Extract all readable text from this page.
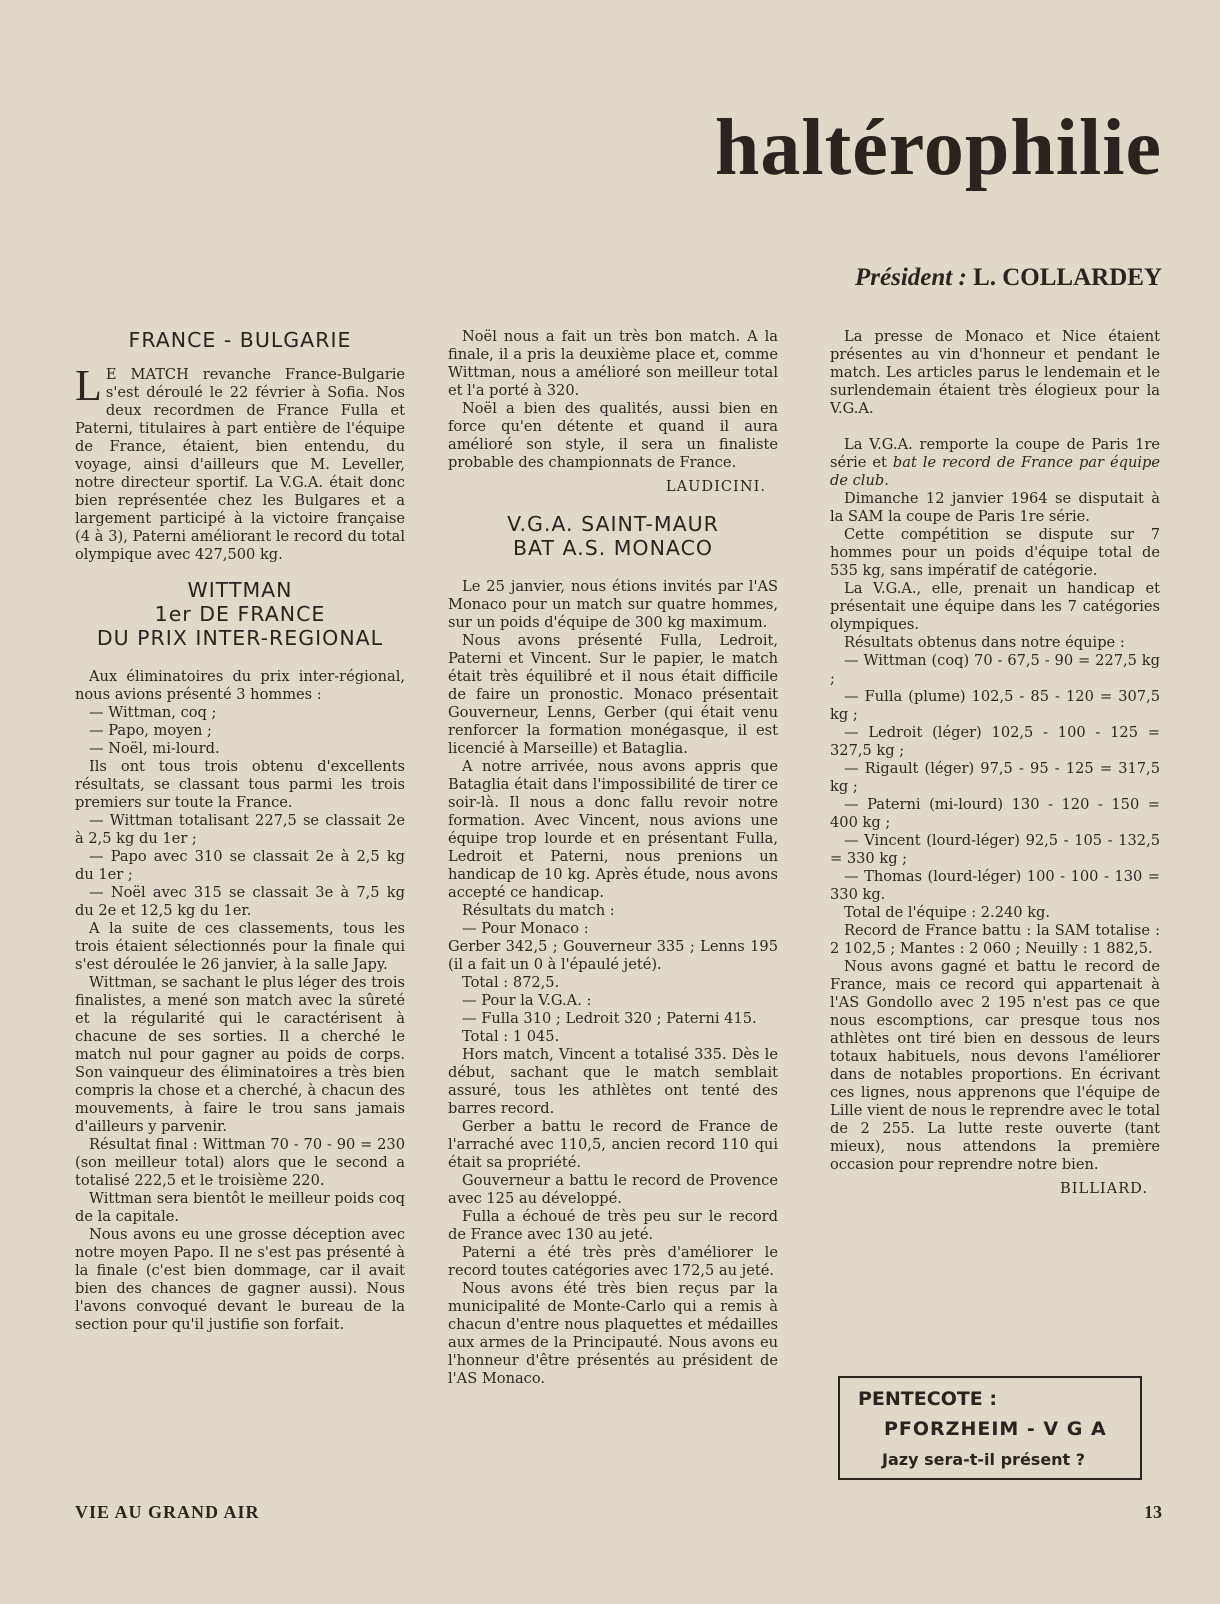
haltérophilie
Président : L. COLLARDEY
FRANCE - BULGARIE

L E MATCH revanche France-Bulgarie s'est déroulé le 22 février à Sofia. Nos deux recordmen de France Fulla et Paterni, titulaires à part entière de l'équipe de France, étaient, bien entendu, du voyage, ainsi d'ailleurs que M. Leveller, notre directeur sportif. La V.G.A. était donc bien représentée chez les Bulgares et a largement participé à la victoire française (4 à 3), Paterni améliorant le record du total olympique avec 427,500 kg.

WITTMAN
1er DE FRANCE
DU PRIX INTER-REGIONAL

Aux éliminatoires du prix inter-régional, nous avions présenté 3 hommes :

— Wittman, coq ;

— Papo, moyen ;

— Noël, mi-lourd.

Ils ont tous trois obtenu d'excellents résultats, se classant tous parmi les trois premiers sur toute la France.

— Wittman totalisant 227,5 se classait 2e à 2,5 kg du 1er ;

— Papo avec 310 se classait 2e à 2,5 kg du 1er ;

— Noël avec 315 se classait 3e à 7,5 kg du 2e et 12,5 kg du 1er.

A la suite de ces classements, tous les trois étaient sélectionnés pour la finale qui s'est déroulée le 26 janvier, à la salle Japy.

Wittman, se sachant le plus léger des trois finalistes, a mené son match avec la sûreté et la régularité qui le caractérisent à chacune de ses sorties. Il a cherché le match nul pour gagner au poids de corps. Son vainqueur des éliminatoires a très bien compris la chose et a cherché, à chacun des mouvements, à faire le trou sans jamais d'ailleurs y parvenir.

Résultat final : Wittman 70 - 70 - 90 = 230 (son meilleur total) alors que le second a totalisé 222,5 et le troisième 220.

Wittman sera bientôt le meilleur poids coq de la capitale.

Nous avons eu une grosse déception avec notre moyen Papo. Il ne s'est pas présenté à la finale (c'est bien dommage, car il avait bien des chances de gagner aussi). Nous l'avons convoqué devant le bureau de la section pour qu'il justifie son forfait.

Noël nous a fait un très bon match. A la finale, il a pris la deuxième place et, comme Wittman, nous a amélioré son meilleur total et l'a porté à 320.

Noël a bien des qualités, aussi bien en force qu'en détente et quand il aura amélioré son style, il sera un finaliste probable des championnats de France.

LAUDICINI.
V.G.A. SAINT-MAUR
BAT A.S. MONACO

Le 25 janvier, nous étions invités par l'AS Monaco pour un match sur quatre hommes, sur un poids d'équipe de 300 kg maximum.

Nous avons présenté Fulla, Ledroit, Paterni et Vincent. Sur le papier, le match était très équilibré et il nous était difficile de faire un pronostic. Monaco présentait Gouverneur, Lenns, Gerber (qui était venu renforcer la formation monégasque, il est licencié à Marseille) et Bataglia.

A notre arrivée, nous avons appris que Bataglia était dans l'impossibilité de tirer ce soir-là. Il nous a donc fallu revoir notre formation. Avec Vincent, nous avions une équipe trop lourde et en présentant Fulla, Ledroit et Paterni, nous prenions un handicap de 10 kg. Après étude, nous avons accepté ce handicap.

Résultats du match :

— Pour Monaco :

Gerber 342,5 ; Gouverneur 335 ; Lenns 195 (il a fait un 0 à l'épaulé jeté).

Total : 872,5.

— Pour la V.G.A. :

— Fulla 310 ; Ledroit 320 ; Paterni 415.

Total : 1 045.

Hors match, Vincent a totalisé 335. Dès le début, sachant que le match semblait assuré, tous les athlètes ont tenté des barres record.

Gerber a battu le record de France de l'arraché avec 110,5, ancien record 110 qui était sa propriété.

Gouverneur a battu le record de Provence avec 125 au développé.

Fulla a échoué de très peu sur le record de France avec 130 au jeté.

Paterni a été très près d'améliorer le record toutes catégories avec 172,5 au jeté.

Nous avons été très bien reçus par la municipalité de Monte-Carlo qui a remis à chacun d'entre nous plaquettes et médailles aux armes de la Principauté. Nous avons eu l'honneur d'être présentés au président de l'AS Monaco.

La presse de Monaco et Nice étaient présentes au vin d'honneur et pendant le match. Les articles parus le lendemain et le surlendemain étaient très élogieux pour la V.G.A.

La V.G.A. remporte la coupe de Paris 1re série et bat le record de France par équipe de club.

Dimanche 12 janvier 1964 se disputait à la SAM la coupe de Paris 1re série.

Cette compétition se dispute sur 7 hommes pour un poids d'équipe total de 535 kg, sans impératif de catégorie.

La V.G.A., elle, prenait un handicap et présentait une équipe dans les 7 catégories olympiques.

Résultats obtenus dans notre équipe :

— Wittman (coq) 70 - 67,5 - 90 = 227,5 kg ;

— Fulla (plume) 102,5 - 85 - 120 = 307,5 kg ;

— Ledroit (léger) 102,5 - 100 - 125 = 327,5 kg ;

— Rigault (léger) 97,5 - 95 - 125 = 317,5 kg ;

— Paterni (mi-lourd) 130 - 120 - 150 = 400 kg ;

— Vincent (lourd-léger) 92,5 - 105 - 132,5 = 330 kg ;

— Thomas (lourd-léger) 100 - 100 - 130 = 330 kg.

Total de l'équipe : 2.240 kg.

Record de France battu : la SAM totalise : 2 102,5 ; Mantes : 2 060 ; Neuilly : 1 882,5.

Nous avons gagné et battu le record de France, mais ce record qui appartenait à l'AS Gondollo avec 2 195 n'est pas ce que nous escomptions, car presque tous nos athlètes ont tiré bien en dessous de leurs totaux habituels, nous devons l'améliorer dans de notables proportions. En écrivant ces lignes, nous apprenons que l'équipe de Lille vient de nous le reprendre avec le total de 2 255. La lutte reste ouverte (tant mieux), nous attendons la première occasion pour reprendre notre bien.

BILLIARD.
PENTECOTE :
PFORZHEIM - V G A
Jazy sera-t-il présent ?
VIE AU GRAND AIR	13
